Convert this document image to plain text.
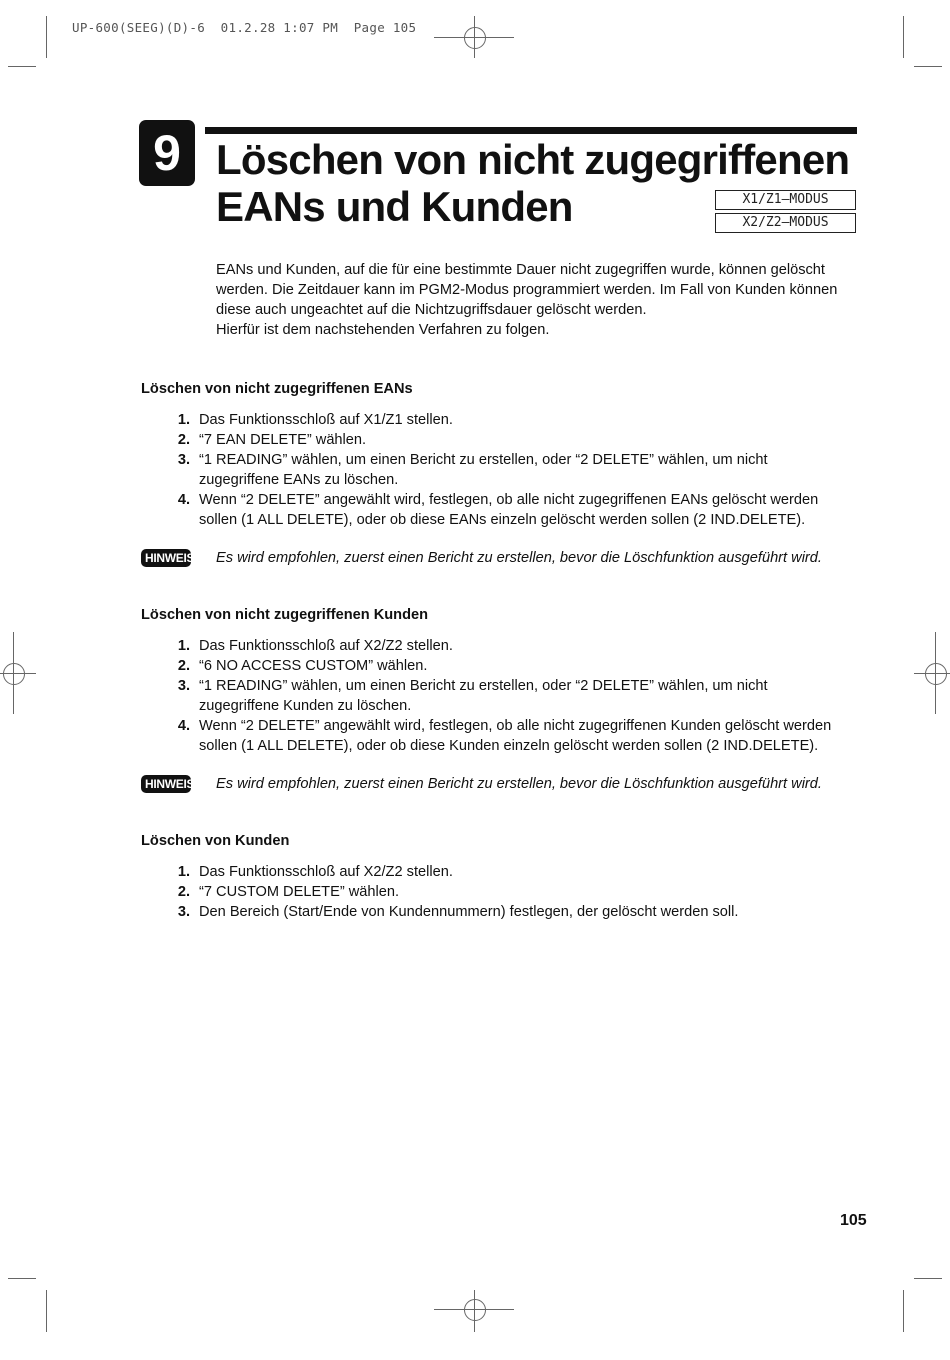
UP-600(SEEG)(D)-6  01.2.28 1:07 PM  Page 105
9 Löschen von nicht zugegriffenen
EANs und Kunden	X1/Z1–MODUS
X2/Z2–MODUS

EANs und Kunden, auf die für eine bestimmte Dauer nicht zugegriffen wurde, können gelöscht werden. Die Zeitdauer kann im PGM2-Modus programmiert werden. Im Fall von Kunden können diese auch ungeachtet auf die Nichtzugriffsdauer gelöscht werden.

Hierfür ist dem nachstehenden Verfahren zu folgen.

Löschen von nicht zugegriffenen EANs
1. Das Funktionsschloß auf X1/Z1 stellen.
2. “7 EAN DELETE” wählen.
3. “1 READING” wählen, um einen Bericht zu erstellen, oder “2 DELETE” wählen, um nicht zugegriffene EANs zu löschen.
4. Wenn “2 DELETE” angewählt wird, festlegen, ob alle nicht zugegriffenen EANs gelöscht werden sollen (1 ALL DELETE), oder ob diese EANs einzeln gelöscht werden sollen (2 IND.DELETE).
HINWEIS Es wird empfohlen, zuerst einen Bericht zu erstellen, bevor die Löschfunktion ausgeführt wird.
Löschen von nicht zugegriffenen Kunden
1. Das Funktionsschloß auf X2/Z2 stellen.
2. “6 NO ACCESS CUSTOM” wählen.
3. “1 READING” wählen, um einen Bericht zu erstellen, oder “2 DELETE” wählen, um nicht zugegriffene Kunden zu löschen.
4. Wenn “2 DELETE” angewählt wird, festlegen, ob alle nicht zugegriffenen Kunden gelöscht werden sollen (1 ALL DELETE), oder ob diese Kunden einzeln gelöscht werden sollen (2 IND.DELETE).
HINWEIS Es wird empfohlen, zuerst einen Bericht zu erstellen, bevor die Löschfunktion ausgeführt wird.
Löschen von Kunden
1. Das Funktionsschloß auf X2/Z2 stellen.
2. “7 CUSTOM DELETE” wählen.
3. Den Bereich (Start/Ende von Kundennummern) festlegen, der gelöscht werden soll.
105
